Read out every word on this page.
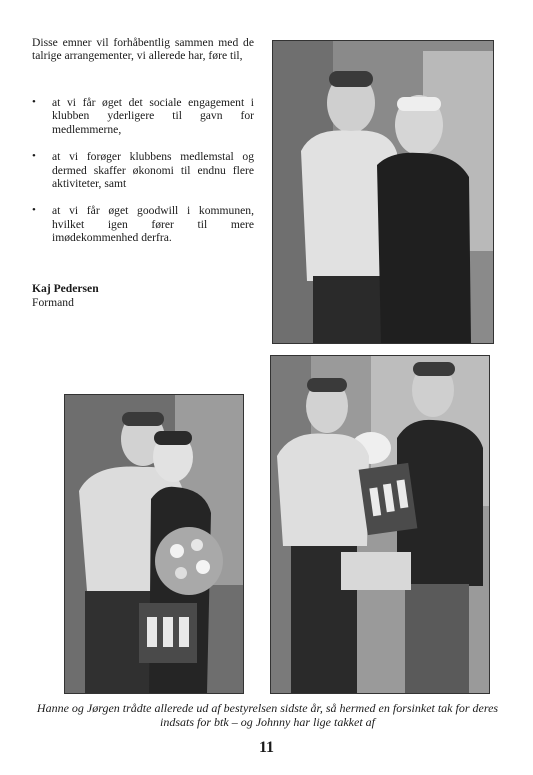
Disse emner vil forhåbentlig sammen med de talrige arrangementer, vi allerede har, føre til,

• at vi får øget det sociale engagement i klubben yderligere til gavn for medlemmerne,
• at vi forøger klubbens medlemstal og dermed skaffer økonomi til endnu flere aktiviteter, samt
• at vi får øget goodwill i kommunen, hvilket igen fører til mere imødekommenhed derfra.
Kaj Pedersen
Formand
Hanne og Jørgen trådte allerede ud af bestyrelsen sidste år, så hermed en forsinket tak for deres indsats for btk – og Johnny har lige takket af
11
